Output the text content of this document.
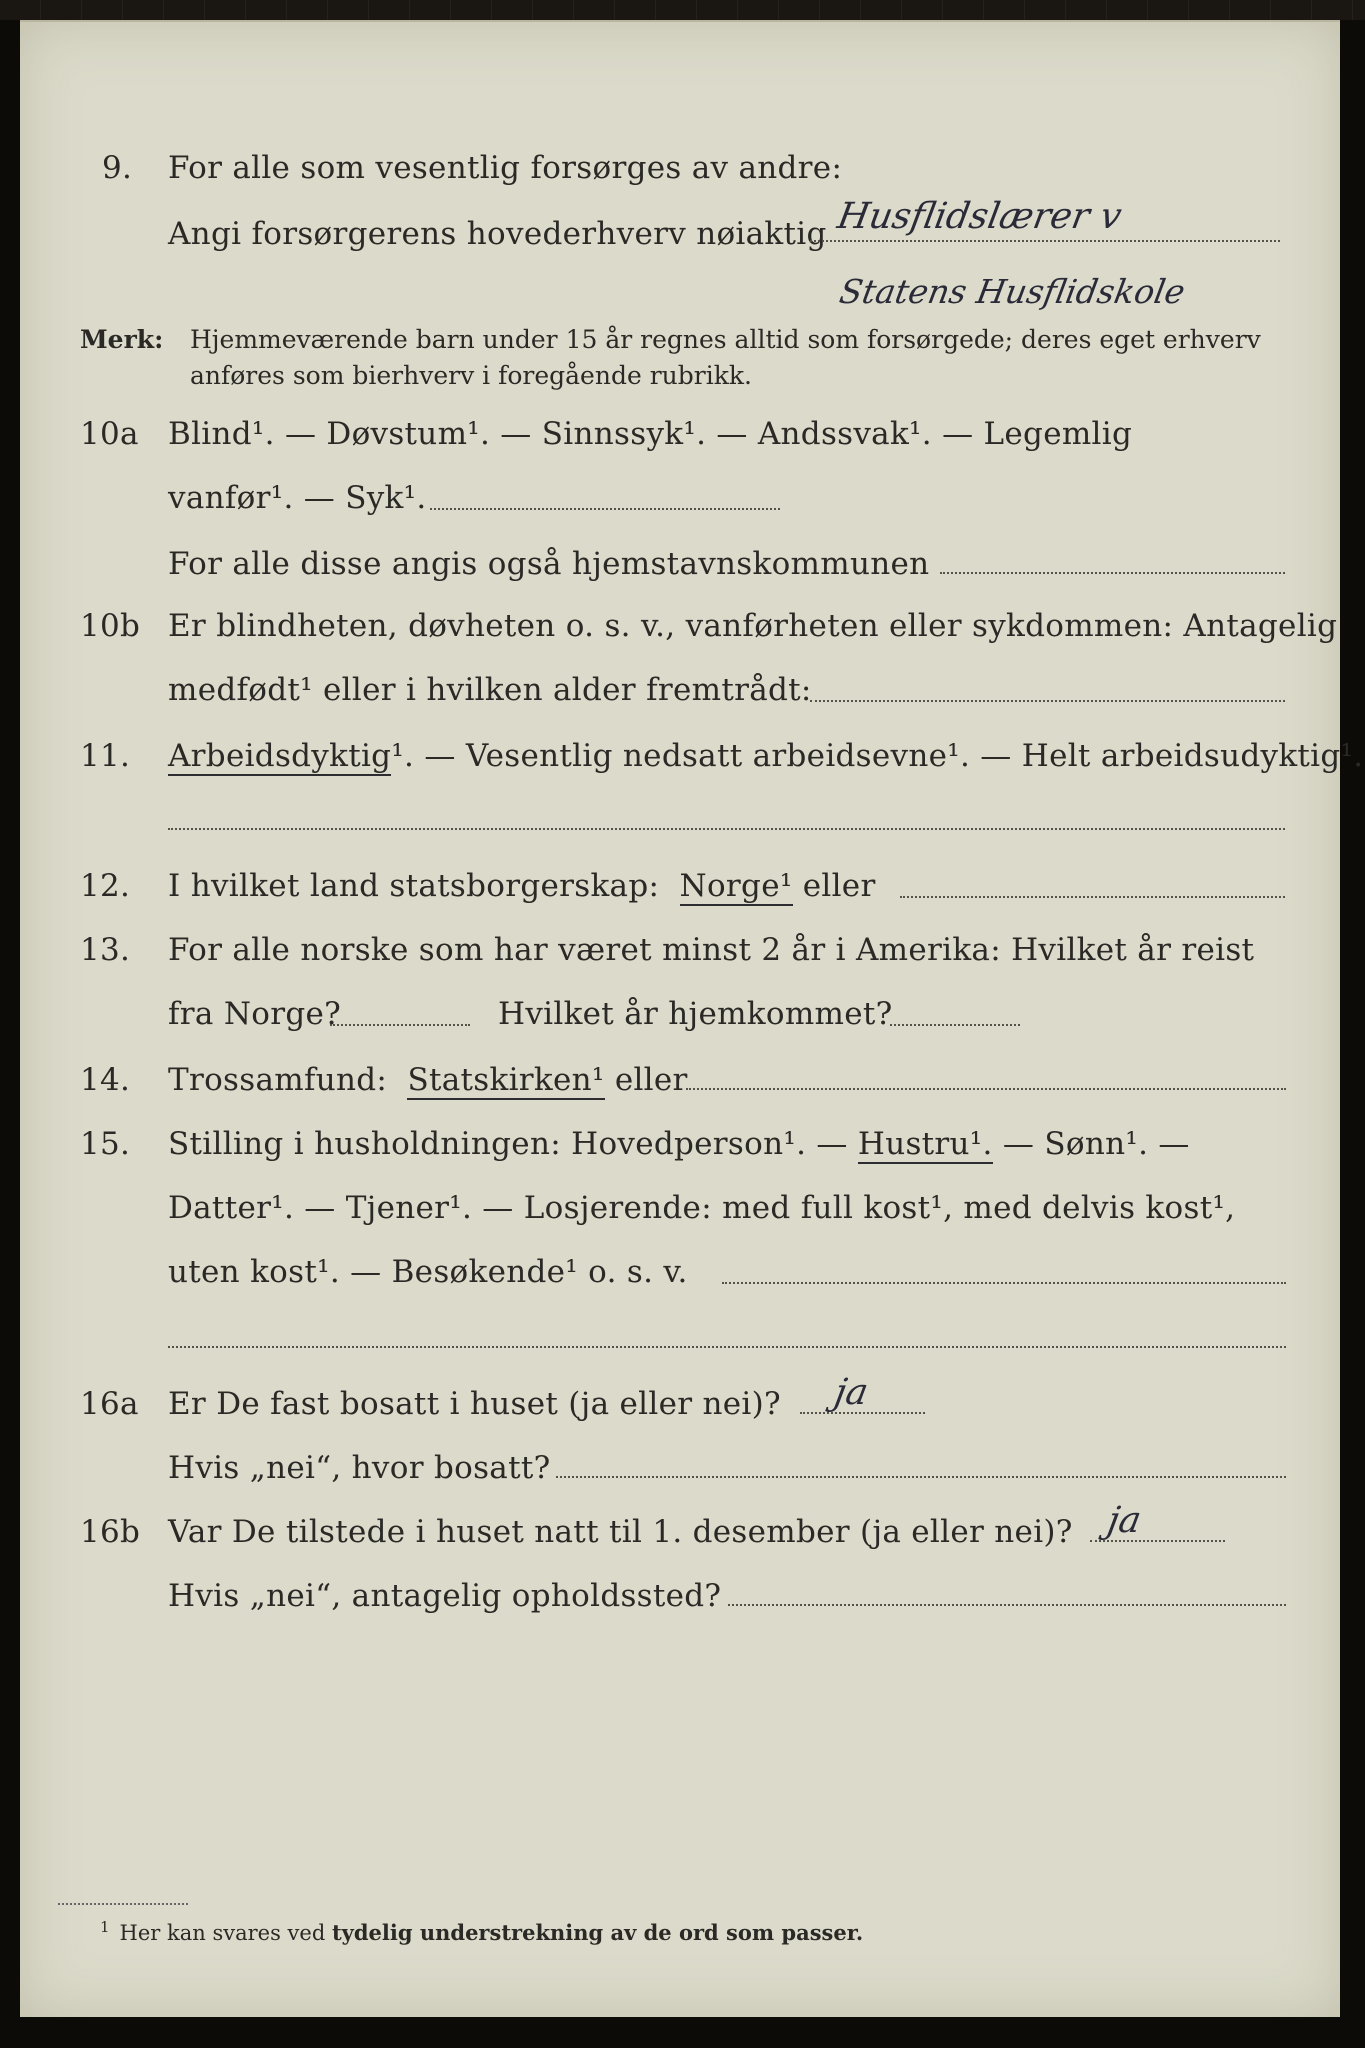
9. For alle som vesentlig forsørges av andre:
Angi forsørgerens hovederhverv nøiaktig Husflidslærer v
Statens Husflidskole
Merk: Hjemmeværende barn under 15 år regnes alltid som forsørgede; deres eget erhverv
anføres som bierhverv i foregående rubrikk.
10a Blind¹. — Døvstum¹. — Sinnssyk¹. — Andssvak¹. — Legemlig
vanfør¹. — Syk¹.
For alle disse angis også hjemstavnskommunen
10b Er blindheten, døvheten o. s. v., vanførheten eller sykdommen: Antagelig
medfødt¹ eller i hvilken alder fremtrådt:
11. Arbeidsdyktig¹. — Vesentlig nedsatt arbeidsevne¹. — Helt arbeidsudyktig¹.
12. I hvilket land statsborgerskap: Norge¹ eller
13. For alle norske som har været minst 2 år i Amerika: Hvilket år reist
fra Norge?	Hvilket år hjemkommet?
14. Trossamfund: Statskirken¹ eller
15. Stilling i husholdningen: Hovedperson¹. — Hustru¹. — Sønn¹. —
Datter¹. — Tjener¹. — Losjerende: med full kost¹, med delvis kost¹,
uten kost¹. — Besøkende¹ o. s. v.
16a Er De fast bosatt i huset (ja eller nei)? ja
Hvis „nei“, hvor bosatt?
16b Var De tilstede i huset natt til 1. desember (ja eller nei)? ja
Hvis „nei“, antagelig opholdssted?
$^1$ Her kan svares ved tydelig understrekning av de ord som passer.
